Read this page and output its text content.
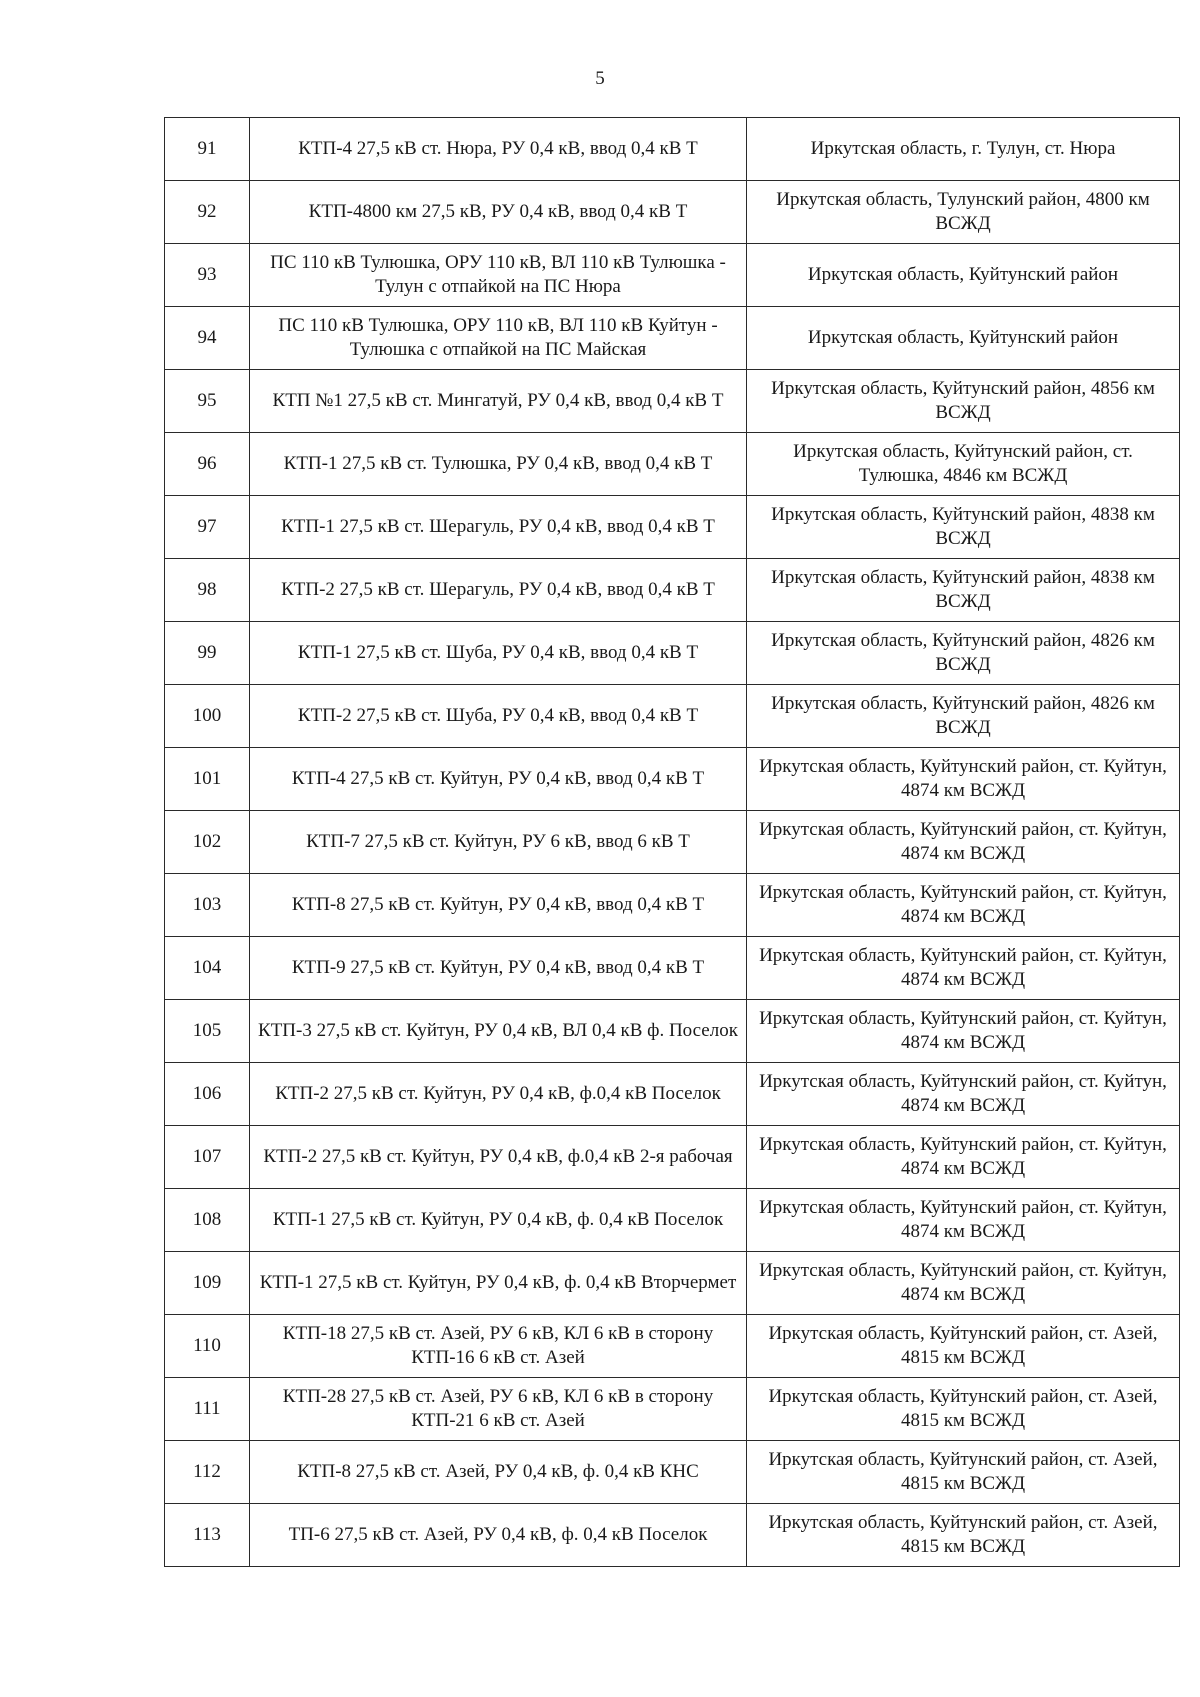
5
91	КТП-4 27,5 кВ ст. Нюра, РУ 0,4 кВ, ввод 0,4 кВ Т	Иркутская область, г. Тулун, ст. Нюра
92	КТП-4800 км 27,5 кВ, РУ 0,4 кВ, ввод 0,4 кВ Т	Иркутская область, Тулунский район, 4800 км ВСЖД
93	ПС 110 кВ Тулюшка, ОРУ 110 кВ, ВЛ 110 кВ Тулюшка - Тулун с отпайкой на ПС Нюра	Иркутская область, Куйтунский район
94	ПС 110 кВ Тулюшка, ОРУ 110 кВ, ВЛ 110 кВ Куйтун - Тулюшка с отпайкой на ПС Майская	Иркутская область, Куйтунский район
95	КТП №1 27,5 кВ ст. Мингатуй, РУ 0,4 кВ, ввод 0,4 кВ Т	Иркутская область, Куйтунский район, 4856 км ВСЖД
96	КТП-1 27,5 кВ ст. Тулюшка, РУ 0,4 кВ, ввод 0,4 кВ Т	Иркутская область, Куйтунский район, ст. Тулюшка, 4846 км ВСЖД
97	КТП-1 27,5 кВ ст. Шерагуль, РУ 0,4 кВ, ввод 0,4 кВ Т	Иркутская область, Куйтунский район, 4838 км ВСЖД
98	КТП-2 27,5 кВ ст. Шерагуль, РУ 0,4 кВ, ввод 0,4 кВ Т	Иркутская область, Куйтунский район, 4838 км ВСЖД
99	КТП-1 27,5 кВ ст. Шуба, РУ 0,4 кВ, ввод 0,4 кВ Т	Иркутская область, Куйтунский район, 4826 км ВСЖД
100	КТП-2 27,5 кВ ст. Шуба, РУ 0,4 кВ, ввод 0,4 кВ Т	Иркутская область, Куйтунский район, 4826 км ВСЖД
101	КТП-4 27,5 кВ ст. Куйтун, РУ 0,4 кВ, ввод 0,4 кВ Т	Иркутская область, Куйтунский район, ст. Куйтун, 4874 км ВСЖД
102	КТП-7 27,5 кВ ст. Куйтун, РУ 6 кВ, ввод 6 кВ Т	Иркутская область, Куйтунский район, ст. Куйтун, 4874 км ВСЖД
103	КТП-8 27,5 кВ ст. Куйтун, РУ 0,4 кВ, ввод 0,4 кВ Т	Иркутская область, Куйтунский район, ст. Куйтун, 4874 км ВСЖД
104	КТП-9 27,5 кВ ст. Куйтун, РУ 0,4 кВ, ввод 0,4 кВ Т	Иркутская область, Куйтунский район, ст. Куйтун, 4874 км ВСЖД
105	КТП-3 27,5 кВ ст. Куйтун, РУ 0,4 кВ, ВЛ 0,4 кВ ф. Поселок	Иркутская область, Куйтунский район, ст. Куйтун, 4874 км ВСЖД
106	КТП-2 27,5 кВ ст. Куйтун, РУ 0,4 кВ, ф.0,4 кВ Поселок	Иркутская область, Куйтунский район, ст. Куйтун, 4874 км ВСЖД
107	КТП-2 27,5 кВ ст. Куйтун, РУ 0,4 кВ, ф.0,4 кВ 2-я рабочая	Иркутская область, Куйтунский район, ст. Куйтун, 4874 км ВСЖД
108	КТП-1 27,5 кВ ст. Куйтун, РУ 0,4 кВ, ф. 0,4 кВ Поселок	Иркутская область, Куйтунский район, ст. Куйтун, 4874 км ВСЖД
109	КТП-1 27,5 кВ ст. Куйтун, РУ 0,4 кВ, ф. 0,4 кВ Вторчермет	Иркутская область, Куйтунский район, ст. Куйтун, 4874 км ВСЖД
110	КТП-18 27,5 кВ ст. Азей, РУ 6 кВ, КЛ 6 кВ в сторону КТП-16 6 кВ ст. Азей	Иркутская область, Куйтунский район, ст. Азей, 4815 км ВСЖД
111	КТП-28 27,5 кВ ст. Азей, РУ 6 кВ, КЛ 6 кВ в сторону КТП-21 6 кВ ст. Азей	Иркутская область, Куйтунский район, ст. Азей, 4815 км ВСЖД
112	КТП-8 27,5 кВ ст. Азей, РУ 0,4 кВ, ф. 0,4 кВ КНС	Иркутская область, Куйтунский район, ст. Азей, 4815 км ВСЖД
113	ТП-6 27,5 кВ ст. Азей, РУ 0,4 кВ, ф. 0,4 кВ Поселок	Иркутская область, Куйтунский район, ст. Азей, 4815 км ВСЖД
